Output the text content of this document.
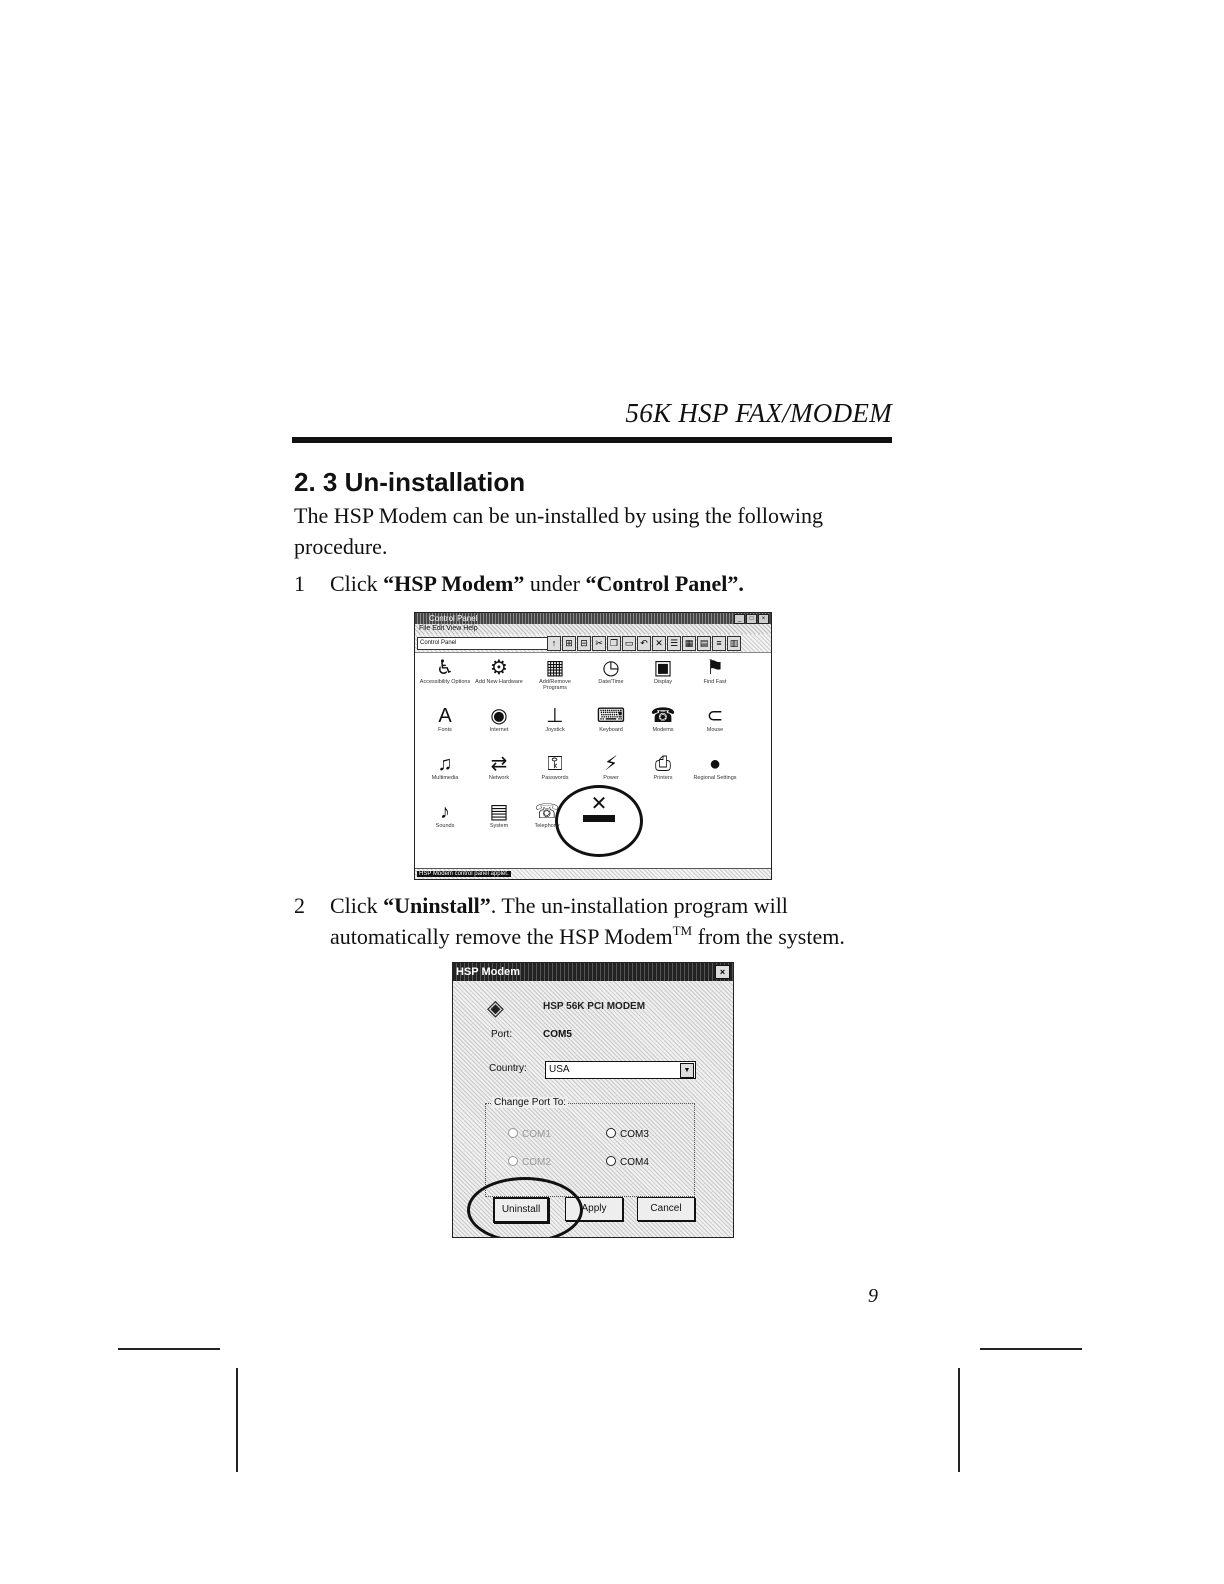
56K HSP FAX/MODEM
2. 3 Un-installation
The HSP Modem can be un-installed by using the following procedure.
1 Click “HSP Modem” under “Control Panel”.
Control Panel	_	□	×
File Edit View Help
Control Panel	↑ ⊞ ⊟ ✂ ❐ ▭ ↶ ✕ ☰ ▦ ▤ ≡ ▥
♿
Accessibility Options
⚙
Add New Hardware
▦
Add/Remove Programs
◷
Date/Time
▣
Display
⚑
Find Fast
A
Fonts
◉
Internet
⊥
Joystick
⌨
Keyboard
☎
Modems
⊂
Mouse
♫
Multimedia
⇄
Network
⚿
Passwords
⚡
Power
⎙
Printers
●
Regional Settings
♪
Sounds
▤
System
☏
Telephony
✕
HSP Modem control panel applet.
2 Click “Uninstall”. The un-installation program will automatically remove the HSP Modem™ from the system.
HSP Modem	×
◈	HSP 56K PCI MODEM
Port:	COM5
Country:	USA	▼
Change Port To:
COM1
COM2
COM3
COM4
Uninstall	Apply	Cancel
9
